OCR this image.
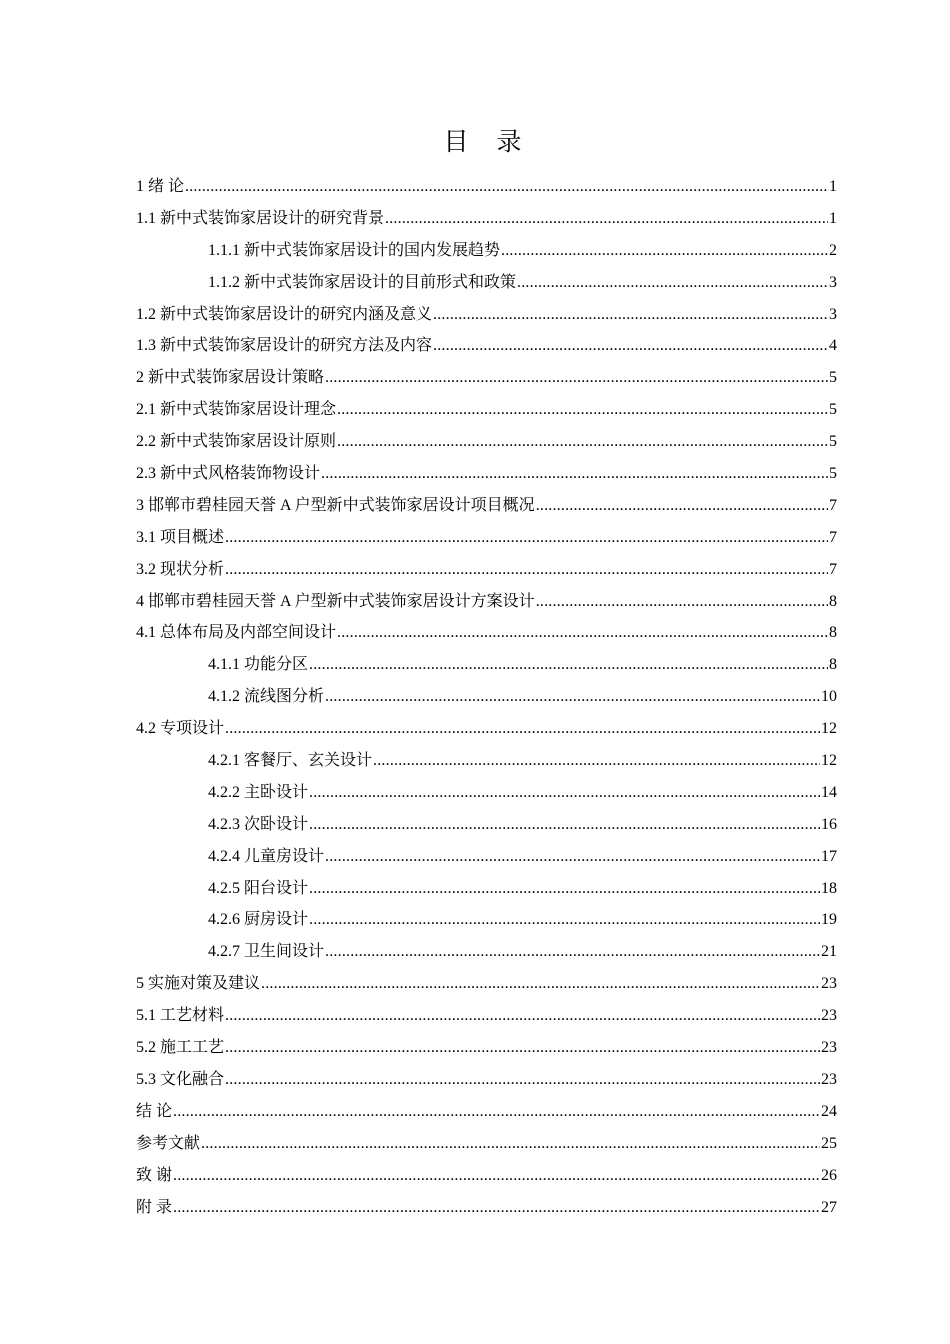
目 录
1 绪 论 .....	1
1.1 新中式装饰家居设计的研究背景 .....	1
1.1.1 新中式装饰家居设计的国内发展趋势 .....	2
1.1.2 新中式装饰家居设计的目前形式和政策 .....	3
1.2 新中式装饰家居设计的研究内涵及意义 .....	3
1.3 新中式装饰家居设计的研究方法及内容 .....	4
2 新中式装饰家居设计策略 .....	5
2.1 新中式装饰家居设计理念 .....	5
2.2 新中式装饰家居设计原则 .....	5
2.3 新中式风格装饰物设计 .....	5
3 邯郸市碧桂园天誉 A 户型新中式装饰家居设计项目概况 .....	7
3.1 项目概述 .....	7
3.2 现状分析 .....	7
4 邯郸市碧桂园天誉 A 户型新中式装饰家居设计方案设计 .....	8
4.1 总体布局及内部空间设计 .....	8
4.1.1 功能分区 .....	8
4.1.2 流线图分析 .....	10
4.2 专项设计 .....	12
4.2.1 客餐厅、玄关设计 .....	12
4.2.2 主卧设计 .....	14
4.2.3 次卧设计 .....	16
4.2.4 儿童房设计 .....	17
4.2.5 阳台设计 .....	18
4.2.6 厨房设计 .....	19
4.2.7 卫生间设计 .....	21
5 实施对策及建议 .....	23
5.1 工艺材料 .....	23
5.2 施工工艺 .....	23
5.3 文化融合 .....	23
结 论 .....	24
参考文献 .....	25
致 谢 .....	26
附 录 .....	27
